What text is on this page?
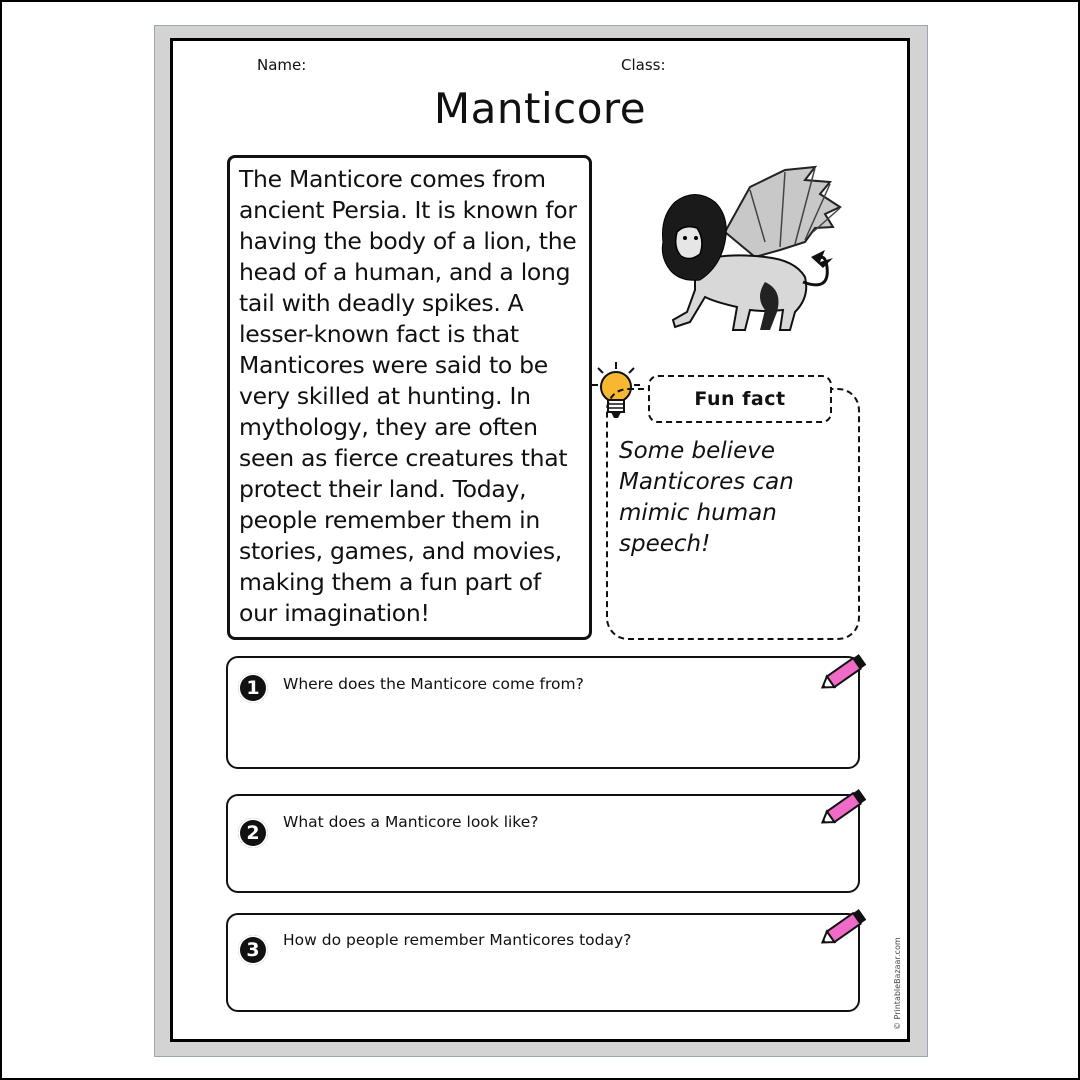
Name:	Class:
Manticore

The Manticore comes from
ancient Persia. It is known for
having the body of a lion, the
head of a human, and a long
tail with deadly spikes. A
lesser-known fact is that
Manticores were said to be
very skilled at hunting. In
mythology, they are often
seen as fierce creatures that
protect their land. Today,
people remember them in
stories, games, and movies,
making them a fun part of
our imagination!

Fun fact

Some believe
Manticores can
mimic human
speech!

1	Where does the Manticore come from?
2	What does a Manticore look like?
3	How do people remember Manticores today?	© PrintableBazaar.com
